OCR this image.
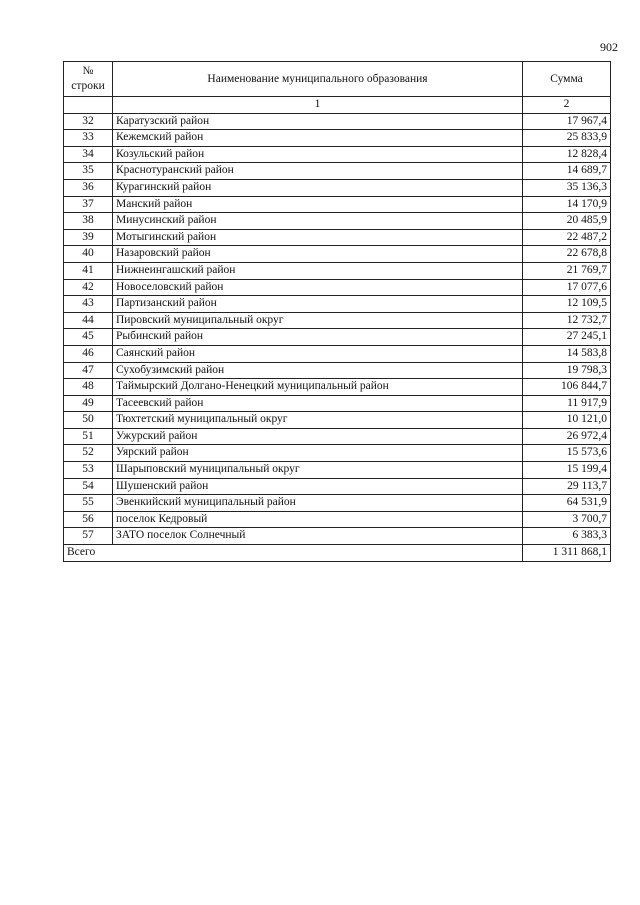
902
№ строки	Наименование муниципального образования	Сумма
	1	2
32	Каратузский район	17 967,4
33	Кежемский район	25 833,9
34	Козульский район	12 828,4
35	Краснотуранский район	14 689,7
36	Курагинский район	35 136,3
37	Манский район	14 170,9
38	Минусинский район	20 485,9
39	Мотыгинский район	22 487,2
40	Назаровский район	22 678,8
41	Нижнеингашский район	21 769,7
42	Новоселовский район	17 077,6
43	Партизанский район	12 109,5
44	Пировский муниципальный округ	12 732,7
45	Рыбинский район	27 245,1
46	Саянский район	14 583,8
47	Сухобузимский район	19 798,3
48	Таймырский Долгано-Ненецкий муниципальный район	106 844,7
49	Тасеевский район	11 917,9
50	Тюхтетский муниципальный округ	10 121,0
51	Ужурский район	26 972,4
52	Уярский район	15 573,6
53	Шарыповский муниципальный округ	15 199,4
54	Шушенский район	29 113,7
55	Эвенкийский муниципальный район	64 531,9
56	поселок Кедровый	3 700,7
57	ЗАТО поселок Солнечный	6 383,3
Всего		1 311 868,1
